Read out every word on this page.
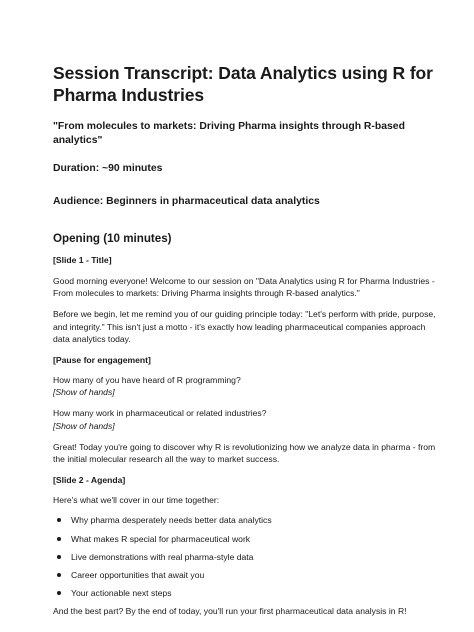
Session Transcript: Data Analytics using R for Pharma Industries
"From molecules to markets: Driving Pharma insights through R-based analytics"
Duration: ~90 minutes
Audience: Beginners in pharmaceutical data analytics
Opening (10 minutes)
[Slide 1 - Title]

Good morning everyone! Welcome to our session on "Data Analytics using R for Pharma Industries - From molecules to markets: Driving Pharma insights through R-based analytics."

Before we begin, let me remind you of our guiding principle today: "Let's perform with pride, purpose, and integrity." This isn't just a motto - it's exactly how leading pharmaceutical companies approach data analytics today.

[Pause for engagement]

How many of you have heard of R programming?
[Show of hands]

How many work in pharmaceutical or related industries?
[Show of hands]

Great! Today you're going to discover why R is revolutionizing how we analyze data in pharma - from the initial molecular research all the way to market success.

[Slide 2 - Agenda]

Here's what we'll cover in our time together:

Why pharma desperately needs better data analytics
What makes R special for pharmaceutical work
Live demonstrations with real pharma-style data
Career opportunities that await you
Your actionable next steps

And the best part? By the end of today, you'll run your first pharmaceutical data analysis in R!
